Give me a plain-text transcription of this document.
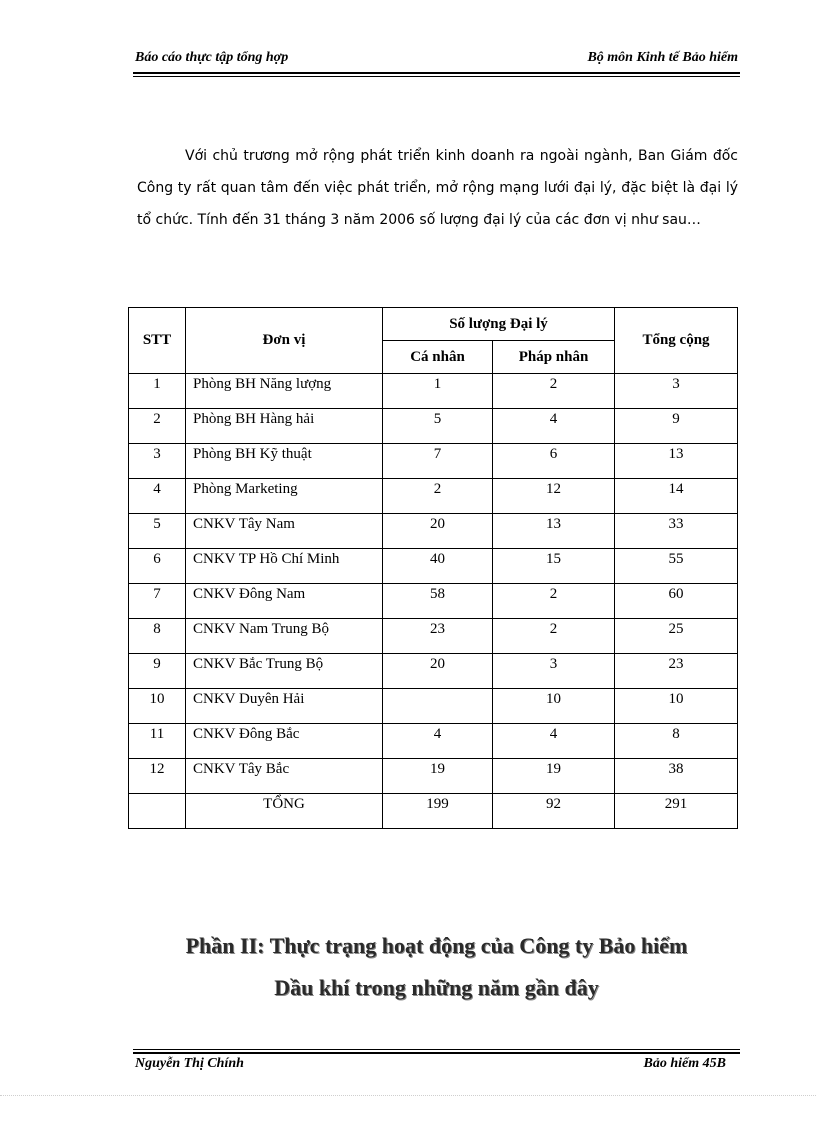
Báo cáo thực tập tổng hợp	Bộ môn Kinh tế Bảo hiểm

Với chủ trương mở rộng phát triển kinh doanh ra ngoài ngành, Ban Giám đốc Công ty rất quan tâm đến việc phát triển, mở rộng mạng lưới đại lý, đặc biệt là đại lý tổ chức. Tính đến 31 tháng 3 năm 2006 số lượng đại lý của các đơn vị như sau…

STT	Đơn vị	Số lượng Đại lý		Tổng cộng
		Cá nhân	Pháp nhân	
1	Phòng BH Năng lượng	1	2	3
2	Phòng BH Hàng hải	5	4	9
3	Phòng BH Kỹ thuật	7	6	13
4	Phòng Marketing	2	12	14
5	CNKV Tây Nam	20	13	33
6	CNKV TP Hồ Chí Minh	40	15	55
7	CNKV Đông Nam	58	2	60
8	CNKV Nam Trung Bộ	23	2	25
9	CNKV Bắc Trung Bộ	20	3	23
10	CNKV Duyên Hải		10	10
11	CNKV Đông Bắc	4	4	8
12	CNKV Tây Bắc	19	19	38
	TỔNG	199	92	291
Phần II: Thực trạng hoạt động của Công ty Bảo hiểm
Dầu khí trong những năm gần đây
Nguyễn Thị Chính	Bảo hiểm 45B
